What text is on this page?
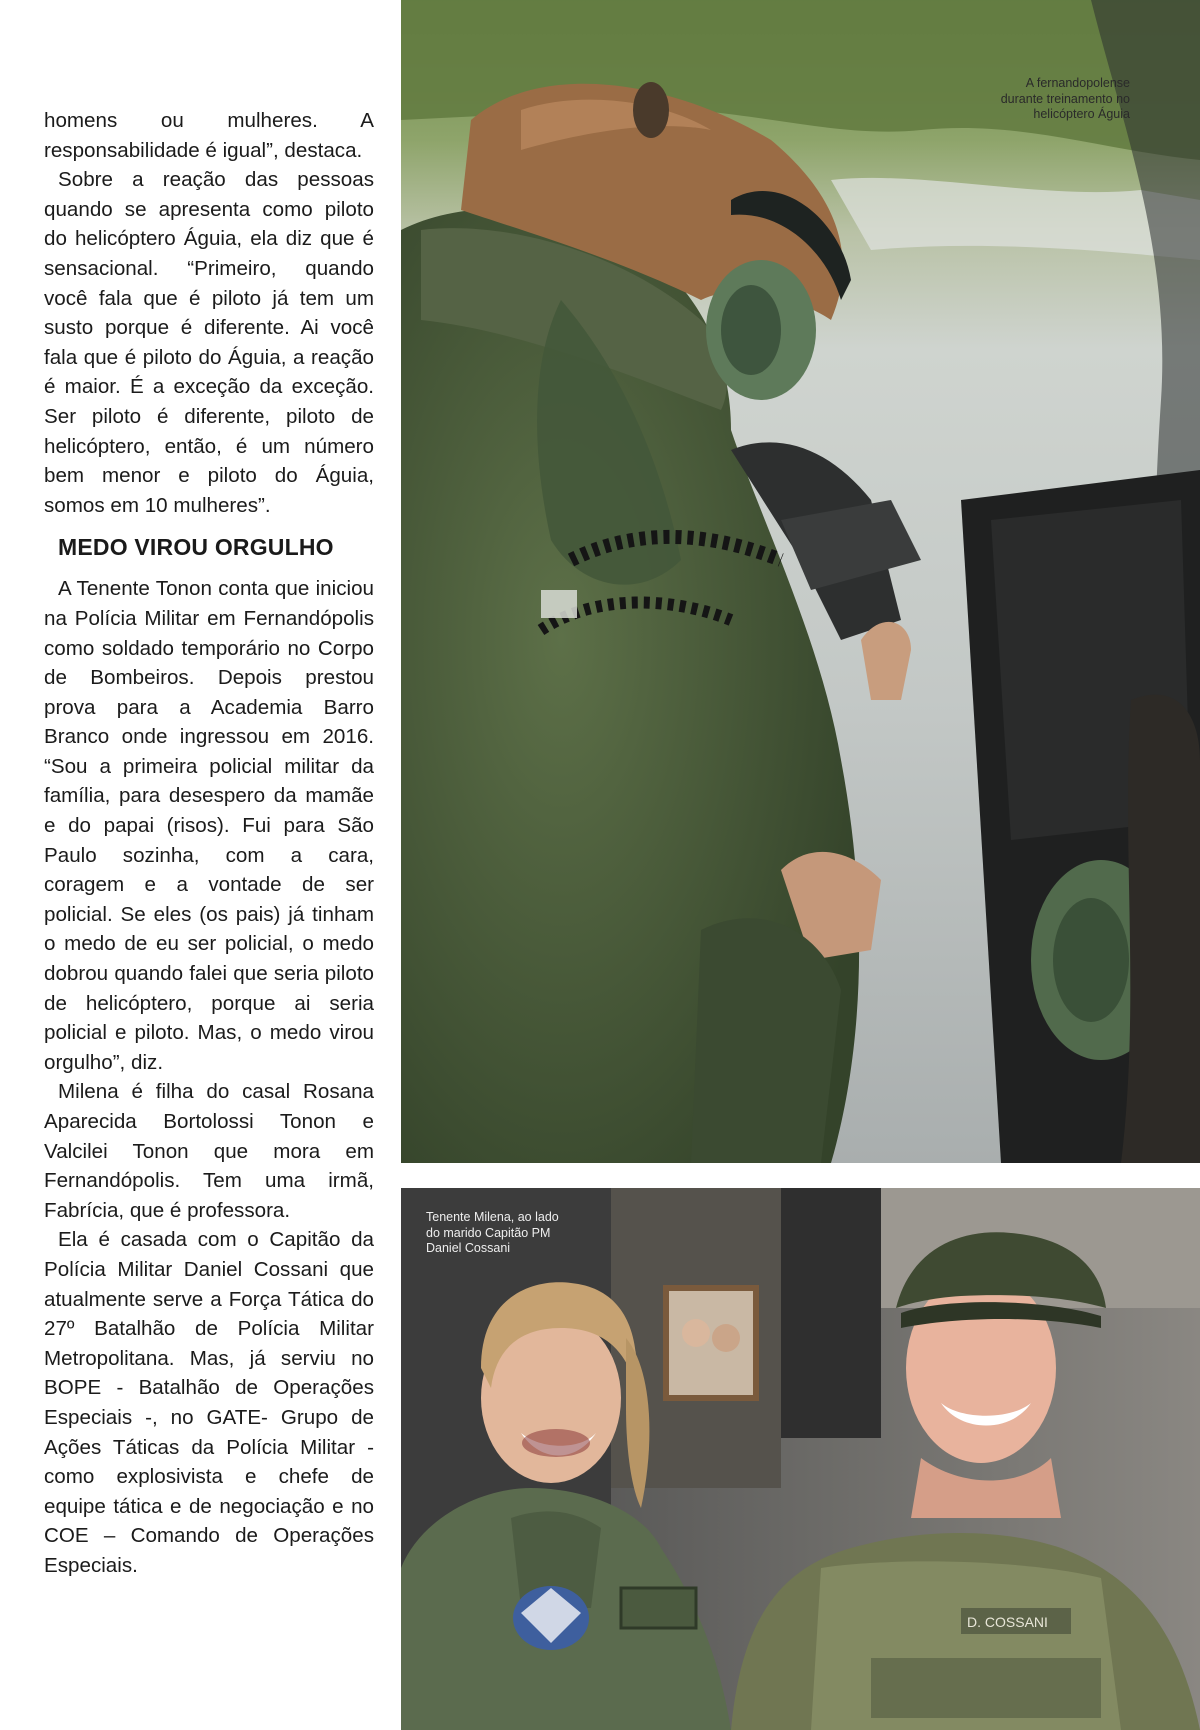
homens ou mulheres. A responsabilidade é igual”, destaca.

Sobre a reação das pessoas quando se apresenta como piloto do helicóptero Águia, ela diz que é sensacional. “Primeiro, quando você fala que é piloto já tem um susto porque é diferente. Ai você fala que é piloto do Águia, a reação é maior. É a exceção da exceção. Ser piloto é diferente, piloto de helicóptero, então, é um número bem menor e piloto do Águia, somos em 10 mulheres”.

MEDO VIROU ORGULHO

A Tenente Tonon conta que iniciou na Polícia Militar em Fernandópolis como soldado temporário no Corpo de Bombeiros. Depois prestou prova para a Academia Barro Branco onde ingressou em 2016. “Sou a primeira policial militar da família, para desespero da mamãe e do papai (risos). Fui para São Paulo sozinha, com a cara, coragem e a vontade de ser policial. Se eles (os pais) já tinham o medo de eu ser policial, o medo dobrou quando falei que seria piloto de helicóptero, porque ai seria policial e piloto. Mas, o medo virou orgulho”, diz.

Milena é filha do casal Rosana Aparecida Bortolossi Tonon e Valcilei Tonon que mora em Fernandópolis. Tem uma irmã, Fabrícia, que é professora.

Ela é casada com o Capitão da Polícia Militar Daniel Cossani que atualmente serve a Força Tática do 27º Batalhão de Polícia Militar Metropolitana. Mas, já serviu no BOPE - Batalhão de Operações Especiais -, no GATE- Grupo de Ações Táticas da Polícia Militar - como explosivista e chefe de equipe tática e de negociação e no COE – Comando de Operações Especiais.

A fernandopolense durante treinamento no helicóptero Águia
D. COSSANI
Tenente Milena, ao lado do marido Capitão PM Daniel Cossani
